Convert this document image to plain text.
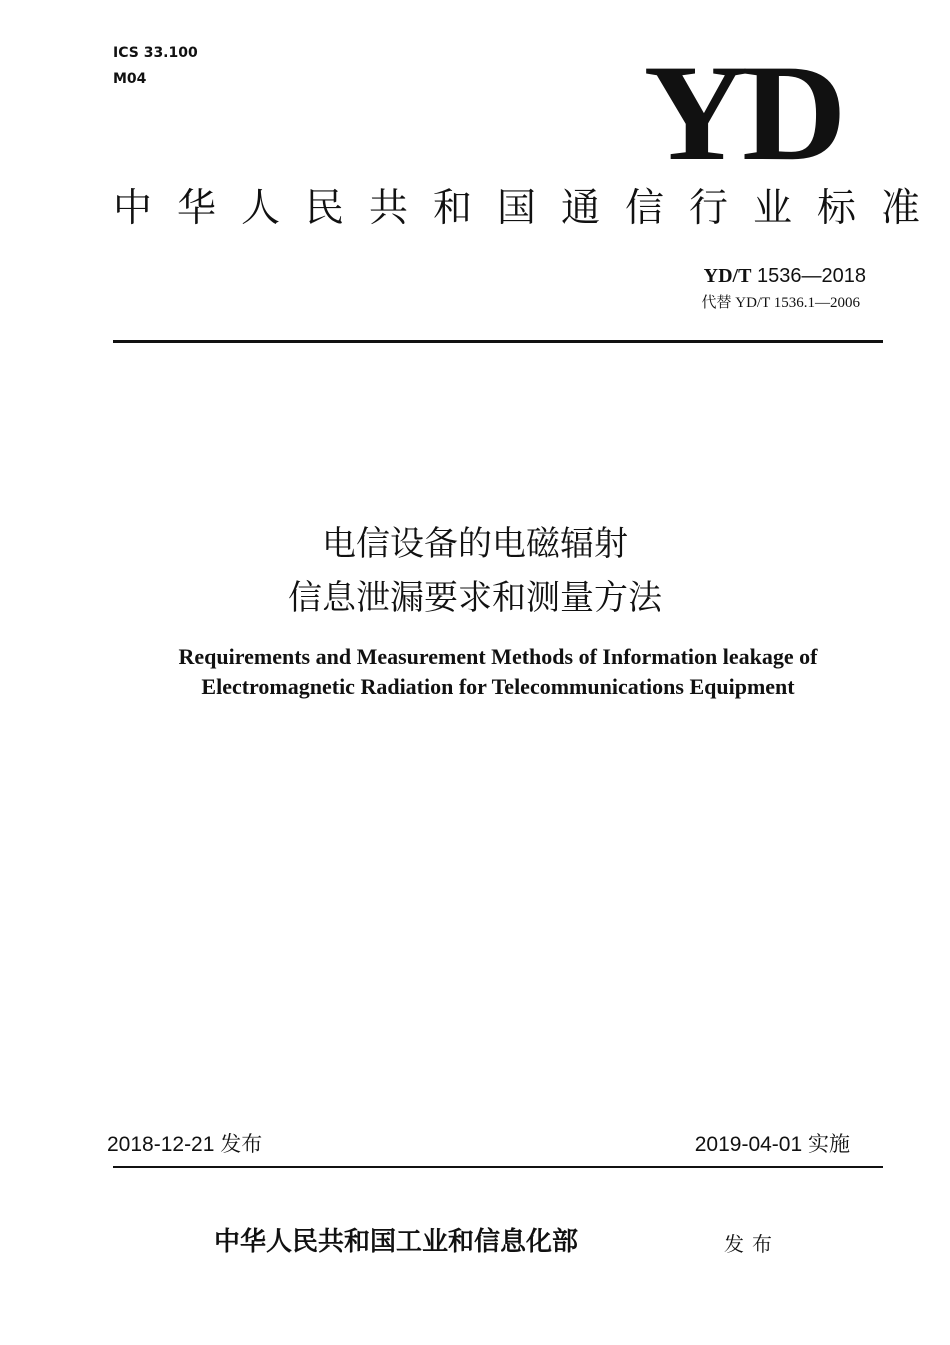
ICS 33.100
M04	YD
中华人民共和国通信行业标准
YD/T 1536—2018
代替 YD/T 1536.1—2006
电信设备的电磁辐射
信息泄漏要求和测量方法
Requirements and Measurement Methods of Information leakage of
Electromagnetic Radiation for Telecommunications Equipment
2018-12-21 发布	2019-04-01 实施
中华人民共和国工业和信息化部	发布
